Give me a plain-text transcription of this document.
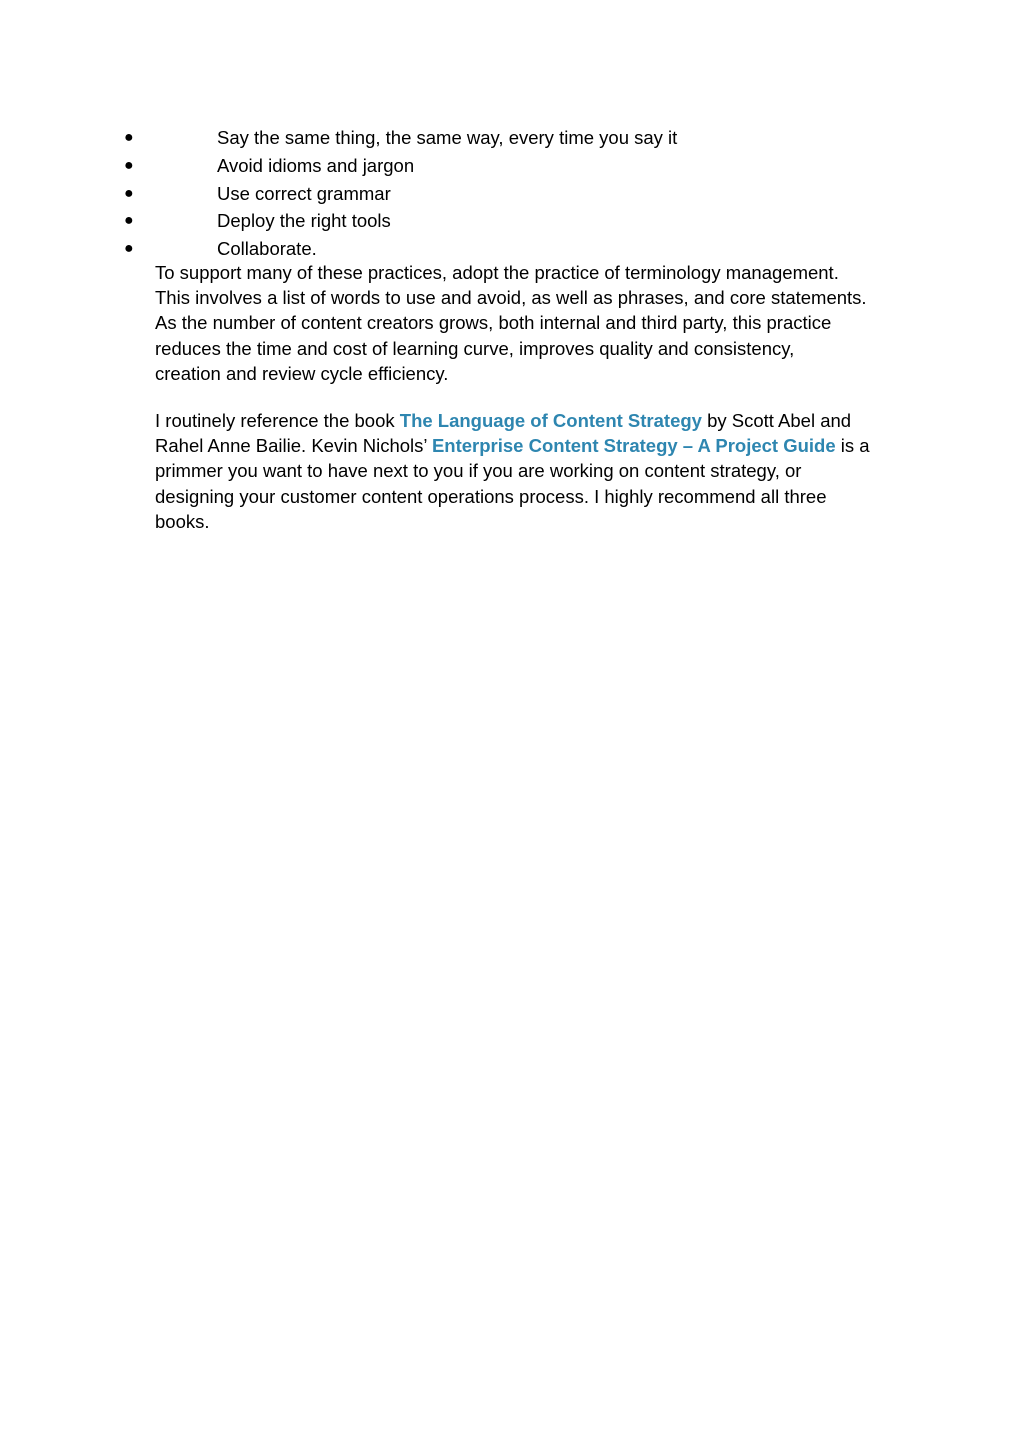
●	Say the same thing, the same way, every time you say it
●	Avoid idioms and jargon
●	Use correct grammar
●	Deploy the right tools
●	Collaborate.

To support many of these practices, adopt the practice of terminology management.
This involves a list of words to use and avoid, as well as phrases, and core statements.
As the number of content creators grows, both internal and third party, this practice
reduces the time and cost of learning curve, improves quality and consistency,
creation and review cycle efficiency.

I routinely reference the book The Language of Content Strategy by Scott Abel and
Rahel Anne Bailie. Kevin Nichols’ Enterprise Content Strategy – A Project Guide is a
primmer you want to have next to you if you are working on content strategy, or
designing your customer content operations process. I highly recommend all three
books.
